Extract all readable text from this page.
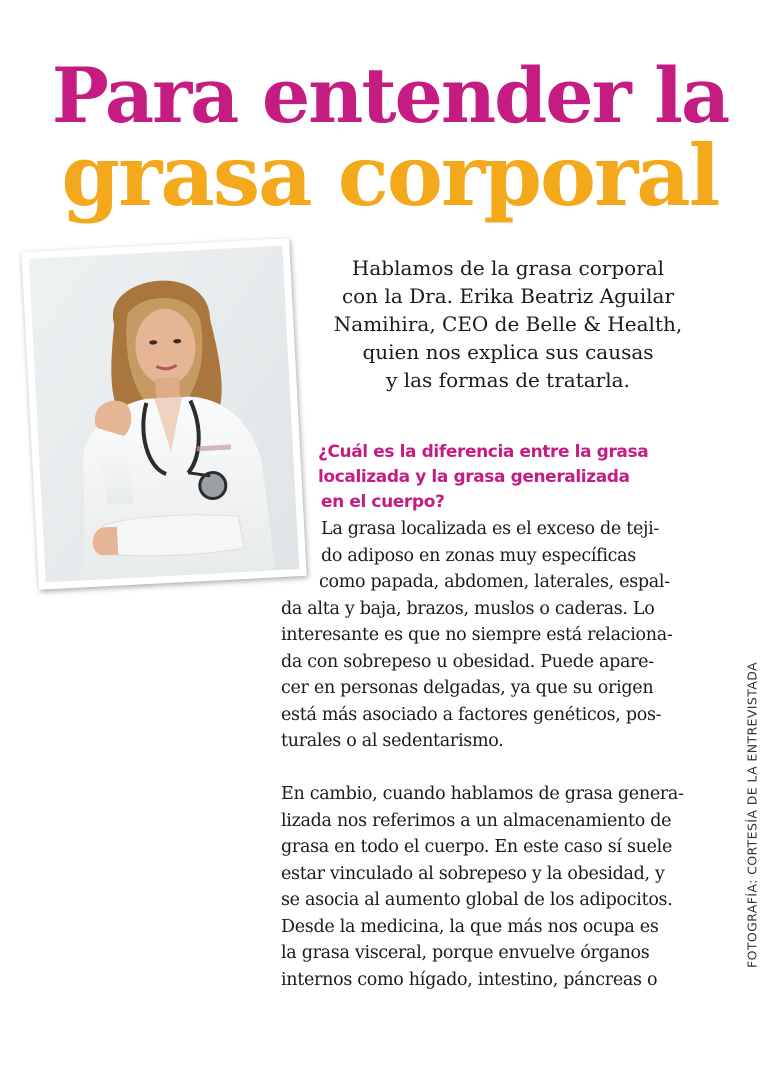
Para entender la
grasa corporal
Hablamos de la grasa corporal
con la Dra. Erika Beatriz Aguilar
Namihira, CEO de Belle & Health,
quien nos explica sus causas
y las formas de tratarla.
¿Cuál es la diferencia entre la grasa
localizada y la grasa generalizada
en el cuerpo?
La grasa localizada es el exceso de teji-
do adiposo en zonas muy específicas
como papada, abdomen, laterales, espal-
da alta y baja, brazos, muslos o caderas. Lo
interesante es que no siempre está relaciona-
da con sobrepeso u obesidad. Puede apare-
cer en personas delgadas, ya que su origen
está más asociado a factores genéticos, pos-
turales o al sedentarismo.
En cambio, cuando hablamos de grasa genera-
lizada nos referimos a un almacenamiento de
grasa en todo el cuerpo. En este caso sí suele
estar vinculado al sobrepeso y la obesidad, y
se asocia al aumento global de los adipocitos.
Desde la medicina, la que más nos ocupa es
la grasa visceral, porque envuelve órganos
internos como hígado, intestino, páncreas o
FOTOGRAFÍA: CORTESÍA DE LA ENTREVISTADA
